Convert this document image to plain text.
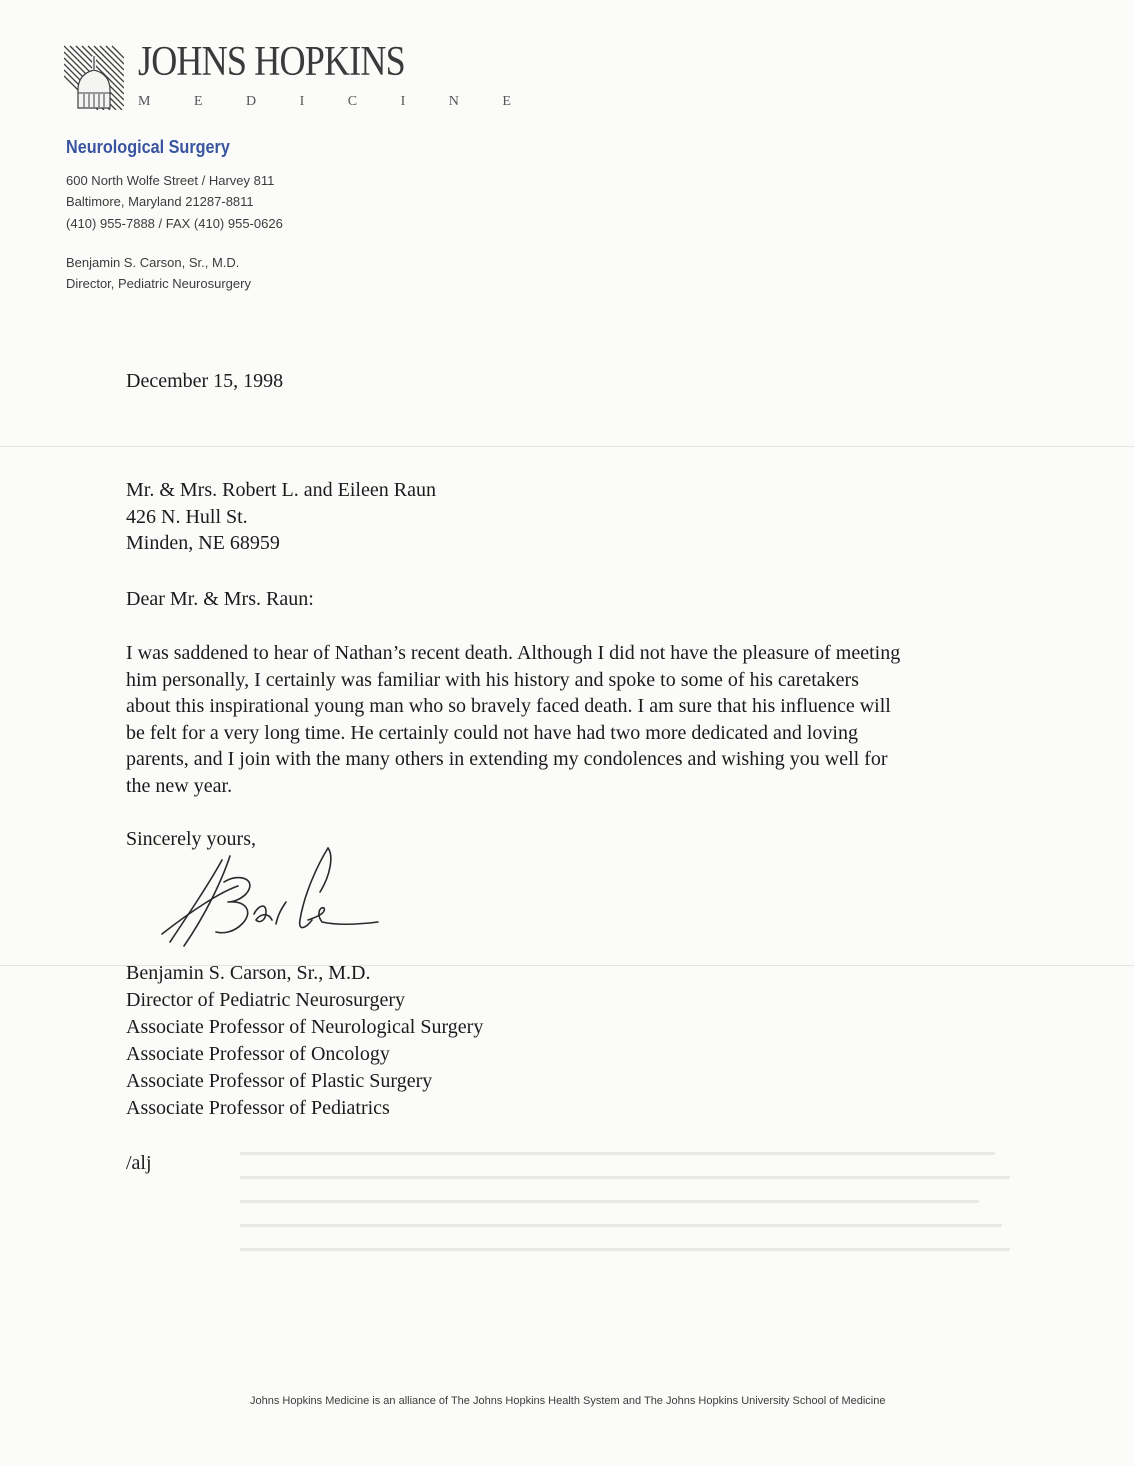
JOHNS HOPKINS
M E D I C I N E
Neurological Surgery
600 North Wolfe Street / Harvey 811
Baltimore, Maryland 21287-8811
(410) 955-7888 / FAX (410) 955-0626
Benjamin S. Carson, Sr., M.D.
Director, Pediatric Neurosurgery
December 15, 1998
Mr. & Mrs. Robert L. and Eileen Raun
426 N. Hull St.
Minden, NE 68959
Dear Mr. & Mrs. Raun:
I was saddened to hear of Nathan’s recent death. Although I did not have the pleasure of meeting
him personally, I certainly was familiar with his history and spoke to some of his caretakers
about this inspirational young man who so bravely faced death. I am sure that his influence will
be felt for a very long time. He certainly could not have had two more dedicated and loving
parents, and I join with the many others in extending my condolences and wishing you well for
the new year.
Sincerely yours,
Benjamin S. Carson, Sr., M.D.
Director of Pediatric Neurosurgery
Associate Professor of Neurological Surgery
Associate Professor of Oncology
Associate Professor of Plastic Surgery
Associate Professor of Pediatrics
/alj
Johns Hopkins Medicine is an alliance of The Johns Hopkins Health System and The Johns Hopkins University School of Medicine
